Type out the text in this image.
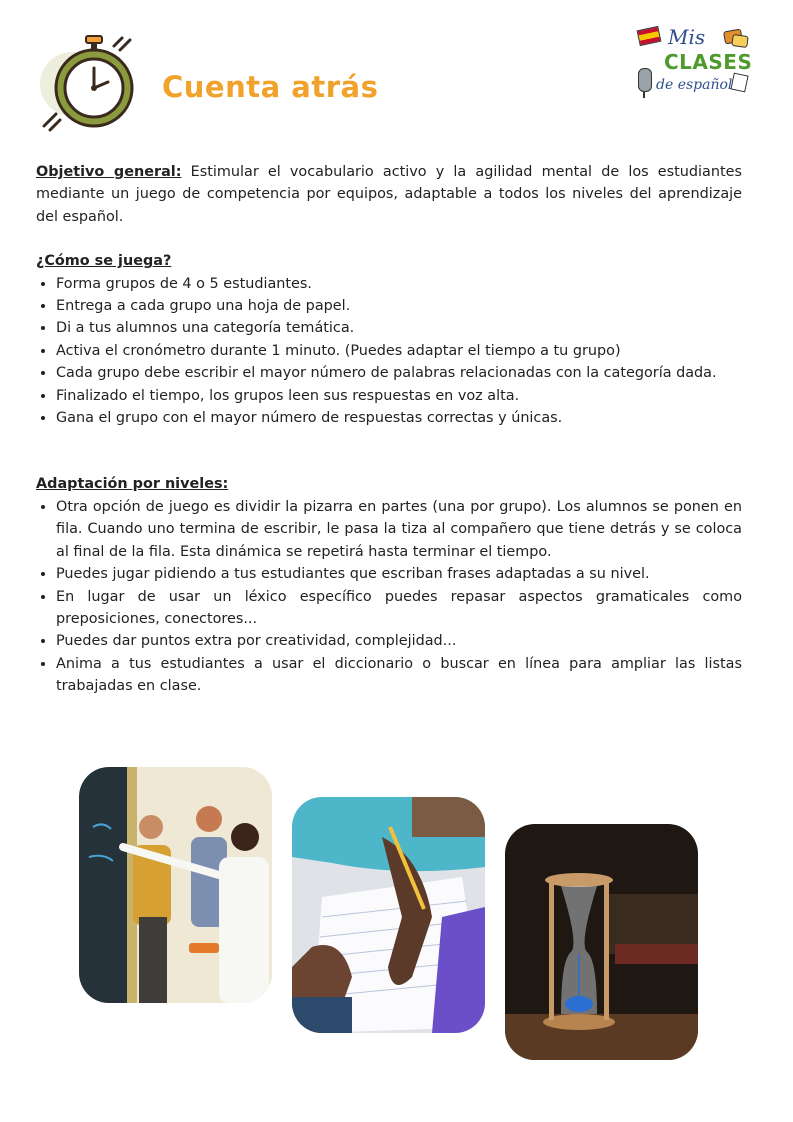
Cuenta atrás
Mis
CLASES
de español

Objetivo general: Estimular el vocabulario activo y la agilidad mental de los estudiantes mediante un juego de competencia por equipos, adaptable a todos los niveles del aprendizaje del español.

¿Cómo se juega?
• Forma grupos de 4 o 5 estudiantes.
• Entrega a cada grupo una hoja de papel.
• Di a tus alumnos una categoría temática.
• Activa el cronómetro durante 1 minuto. (Puedes adaptar el tiempo a tu grupo)
• Cada grupo debe escribir el mayor número de palabras relacionadas con la categoría dada.
• Finalizado el tiempo, los grupos leen sus respuestas en voz alta.
• Gana el grupo con el mayor número de respuestas correctas y únicas.
Adaptación por niveles:
• Otra opción de juego es dividir la pizarra en partes (una por grupo). Los alumnos se ponen en fila. Cuando uno termina de escribir, le pasa la tiza al compañero que tiene detrás y se coloca al final de la fila. Esta dinámica se repetirá hasta terminar el tiempo.
• Puedes jugar pidiendo a tus estudiantes que escriban frases adaptadas a su nivel.
• En lugar de usar un léxico específico puedes repasar aspectos gramaticales como preposiciones, conectores...
• Puedes dar puntos extra por creatividad, complejidad...
• Anima a tus estudiantes a usar el diccionario o buscar en línea para ampliar las listas trabajadas en clase.
